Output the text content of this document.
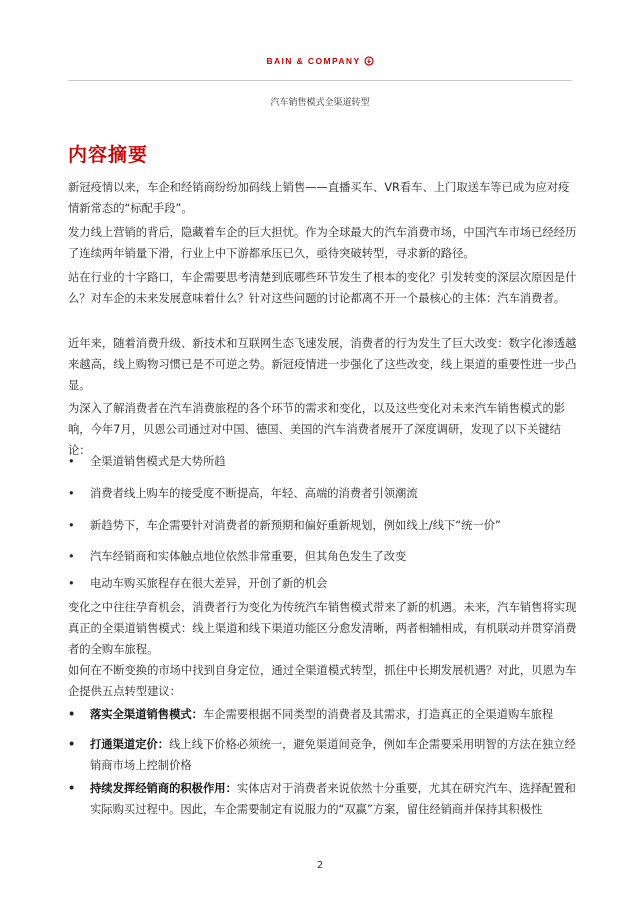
BAIN & COMPANY
汽车销售模式全渠道转型
内容摘要
新冠疫情以来，车企和经销商纷纷加码线上销售——直播买车、VR看车、上门取送车等已成为应对疫情新常态的“标配手段”。
发力线上营销的背后，隐藏着车企的巨大担忧。作为全球最大的汽车消费市场，中国汽车市场已经经历了连续两年销量下滑，行业上中下游都承压已久，亟待突破转型，寻求新的路径。
站在行业的十字路口，车企需要思考清楚到底哪些环节发生了根本的变化？引发转变的深层次原因是什么？对车企的未来发展意味着什么？针对这些问题的讨论都离不开一个最核心的主体：汽车消费者。
近年来，随着消费升级、新技术和互联网生态飞速发展，消费者的行为发生了巨大改变：数字化渗透越来越高，线上购物习惯已是不可逆之势。新冠疫情进一步强化了这些改变，线上渠道的重要性进一步凸显。
为深入了解消费者在汽车消费旅程的各个环节的需求和变化，以及这些变化对未来汽车销售模式的影响，今年7月，贝恩公司通过对中国、德国、美国的汽车消费者展开了深度调研，发现了以下关键结论：
•	全渠道销售模式是大势所趋
•	消费者线上购车的接受度不断提高，年轻、高端的消费者引领潮流
•	新趋势下，车企需要针对消费者的新预期和偏好重新规划，例如线上/线下“统一价”
•	汽车经销商和实体触点地位依然非常重要，但其角色发生了改变
•	电动车购买旅程存在很大差异，开创了新的机会
变化之中往往孕育机会，消费者行为变化为传统汽车销售模式带来了新的机遇。未来，汽车销售将实现真正的全渠道销售模式：线上渠道和线下渠道功能区分愈发清晰，两者相辅相成，有机联动并贯穿消费者的全购车旅程。
如何在不断变换的市场中找到自身定位，通过全渠道模式转型，抓住中长期发展机遇？对此，贝恩为车企提供五点转型建议：
•	落实全渠道销售模式：车企需要根据不同类型的消费者及其需求，打造真正的全渠道购车旅程
•	打通渠道定价：线上线下价格必须统一，避免渠道间竞争，例如车企需要采用明智的方法在独立经销商市场上控制价格
•	持续发挥经销商的积极作用：实体店对于消费者来说依然十分重要，尤其在研究汽车、选择配置和实际购买过程中。因此，车企需要制定有说服力的“双赢”方案，留住经销商并保持其积极性
2
